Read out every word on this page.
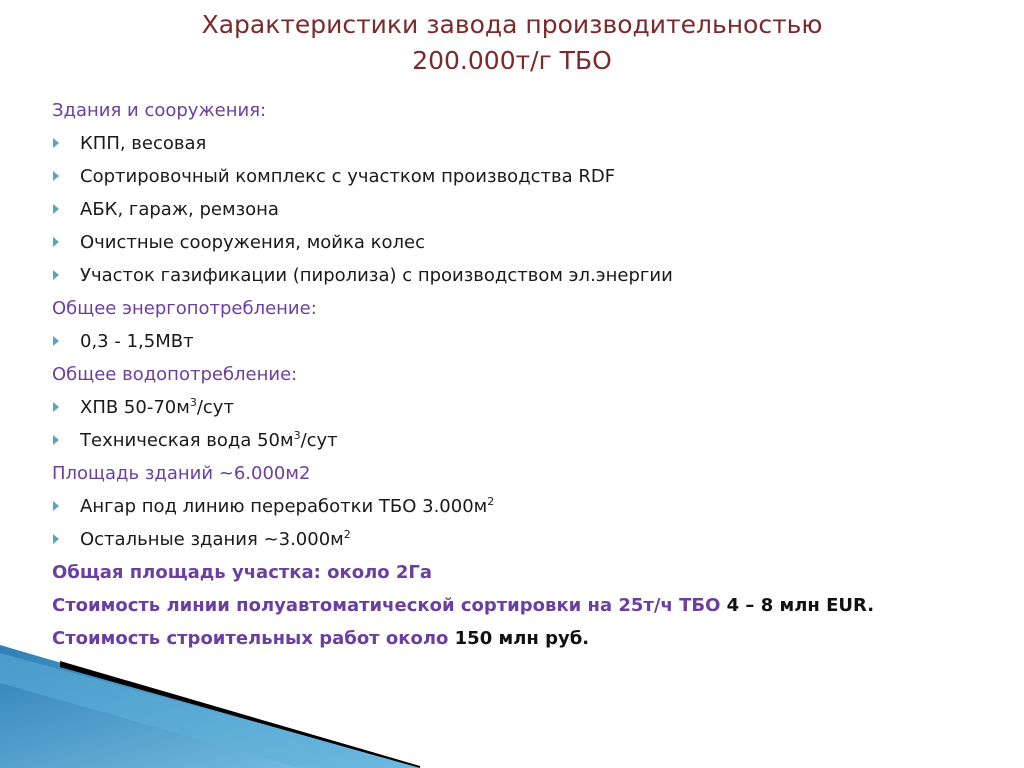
Характеристики завода производительностью
200.000т/г ТБО
Здания и сооружения:
КПП, весовая
Сортировочный комплекс с участком производства RDF
АБК, гараж, ремзона
Очистные сооружения, мойка колес
Участок газификации (пиролиза) с производством эл.энергии
Общее энергопотребление:
0,3 - 1,5МВт
Общее водопотребление:
ХПВ $50-70м^3$/сут
Техническая вода $50м^3$/сут
Площадь зданий ~6.000м2
Ангар под линию переработки ТБО $3.000м^2$
Остальные здания $\sim 3.000м^2$
Общая площадь участка: около 2Га
Стоимость линии полуавтоматической сортировки на 25т/ч ТБО 4 – 8 млн EUR.
Стоимость строительных работ около 150 млн руб.
